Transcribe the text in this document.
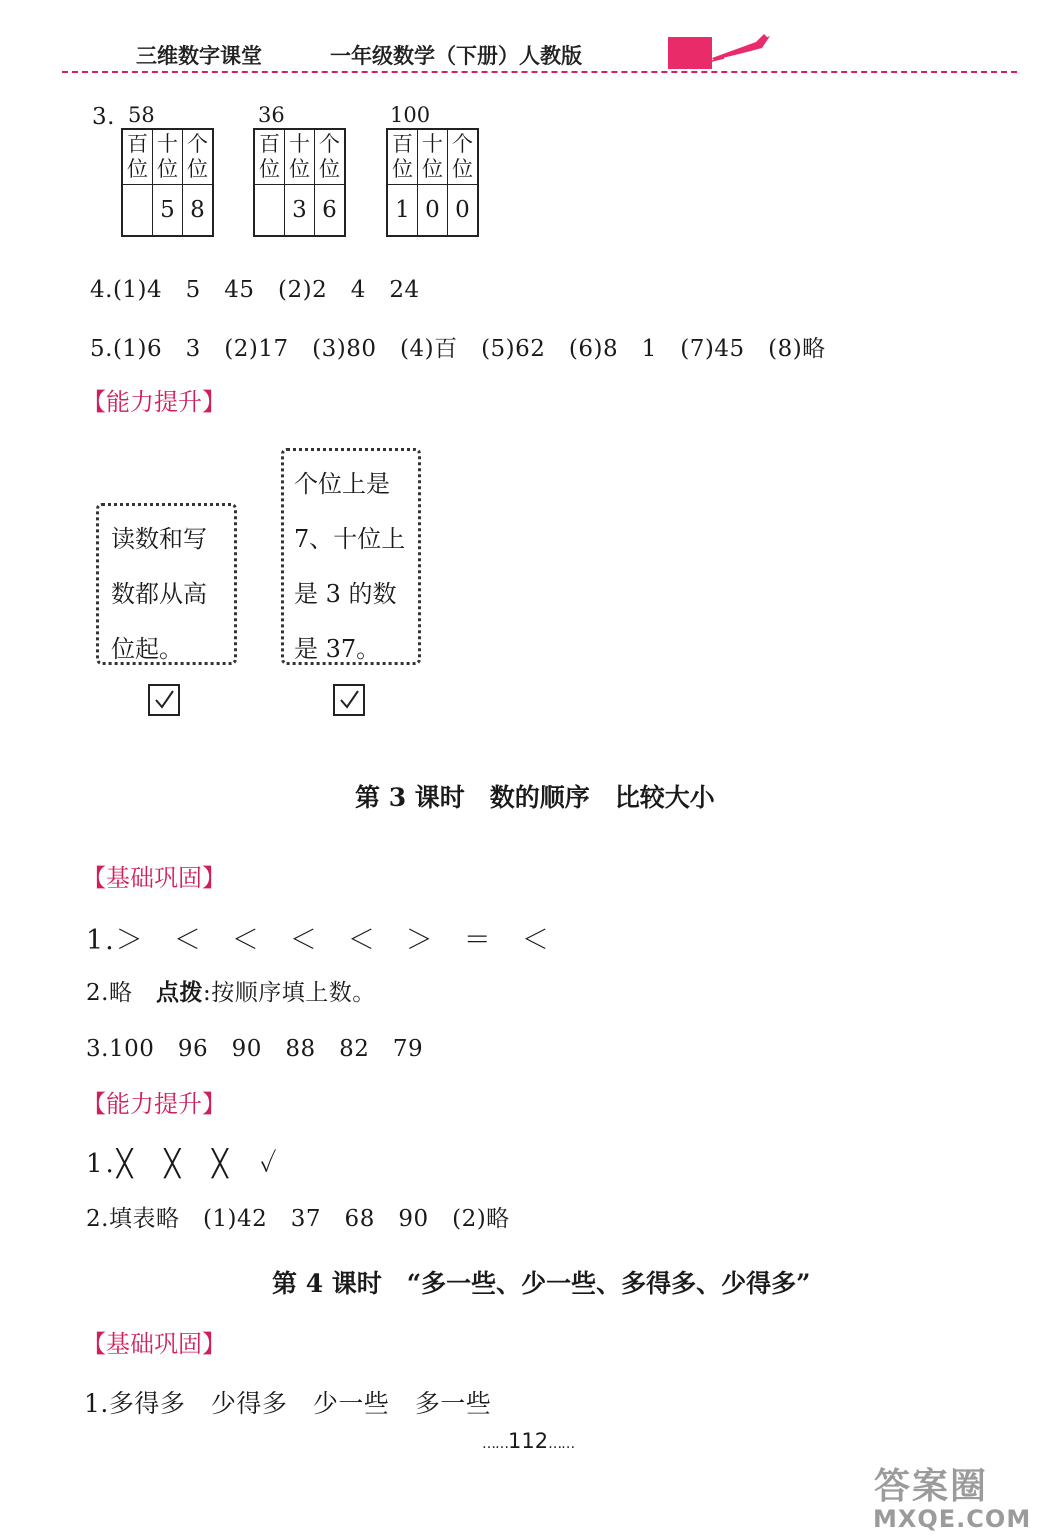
三维数字课堂	一年级数学（下册）人教版
3. 58
百位	十位	个位
	5	8
36
百位	十位	个位
	3	6
100
百位	十位	个位
1	0	0
4.(1)4　5　45　(2)2　4　24
5.(1)6　3　(2)17　(3)80　(4)百　(5)62　(6)8　1　(7)45　(8)略
【能力提升】
读数和写
数都从高
位起。
个位上是
7、十位上
是 3 的数
是 37。
第 3 课时　数的顺序　比较大小
【基础巩固】
1.＞　＜　＜　＜　＜　＞　＝　＜
2.略　点拨:按顺序填上数。
3.100　96　90　88　82　79
【能力提升】
1.╳　╳　╳　✓
2.填表略　(1)42　37　68　90　(2)略
第 4 课时　“多一些、少一些、多得多、少得多”
【基础巩固】
1.多得多　少得多　少一些　多一些
……112……
答案圈
MXQE.COM
